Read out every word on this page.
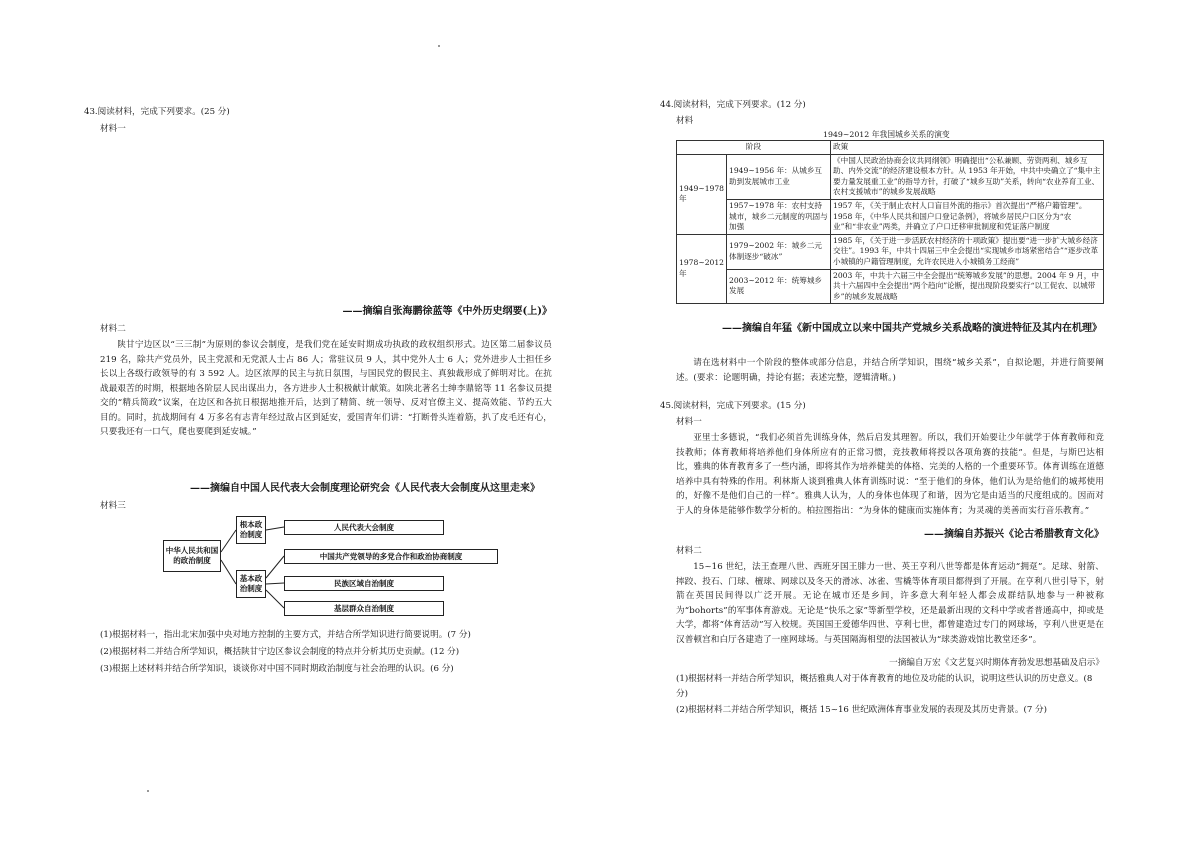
43.阅读材料，完成下列要求。(25 分)
材料一
——摘编自张海鹏徐蓝等《中外历史纲要(上)》
材料二
陕甘宁边区以“三三制”为原则的参议会制度，是我们党在延安时期成功执政的政权组织形式。边区第二届参议员 219 名，除共产党员外，民主党派和无党派人士占 86 人；常驻议员 9 人，其中党外人士 6 人；党外进步人士担任乡长以上各级行政领导的有 3 592 人。边区浓厚的民主与抗日氛围，与国民党的假民主、真独裁形成了鲜明对比。在抗战最艰苦的时期，根据地各阶层人民出谋出力，各方进步人士积极献计献策。如陕北著名士绅李鼎铭等 11 名参议员提交的“精兵简政”议案，在边区和各抗日根据地推开后，达到了精简、统一领导、反对官僚主义、提高效能、节约五大目的。同时，抗战期间有 4 万多名有志青年经过敌占区到延安，爱国青年们讲：“打断骨头连着筋，扒了皮毛还有心，只要我还有一口气，爬也要爬到延安城。”
——摘编自中国人民代表大会制度理论研究会《人民代表大会制度从这里走来》
材料三
中华人民共和国的政治制度
根本政治制度
基本政治制度
人民代表大会制度
中国共产党领导的多党合作和政治协商制度
民族区域自治制度
基层群众自治制度
(1)根据材料一，指出北宋加强中央对地方控制的主要方式，并结合所学知识进行简要说明。(7 分)
(2)根据材料二并结合所学知识，概括陕甘宁边区参议会制度的特点并分析其历史贡献。(12 分)
(3)根据上述材料并结合所学知识，谈谈你对中国不同时期政治制度与社会治理的认识。(6 分)
44.阅读材料，完成下列要求。(12 分)
材料
1949~2012 年我国城乡关系的演变
阶段		政策
1949~1978 年	1949~1956 年：从城乡互助到发展城市工业	《中国人民政治协商会议共同纲领》明确提出“公私兼顾、劳资两利、城乡互助、内外交流”的经济建设根本方针。从 1953 年开始，中共中央确立了“集中主要力量发展重工业”的指导方针，打破了“城乡互助”关系，转向“农业养育工业、农村支援城市”的城乡发展战略
	1957~1978 年：农村支持城市，城乡二元制度的巩固与加强	1957 年，《关于制止农村人口盲目外流的指示》首次提出“严格户籍管理”。1958 年，《中华人民共和国户口登记条例》，将城乡居民户口区分为“农业”和“非农业”两类，并确立了户口迁移审批制度和凭证落户制度
1978~2012 年	1979~2002 年：城乡二元体制逐步“破冰”	1985 年，《关于进一步活跃农村经济的十项政策》提出要“进一步扩大城乡经济交往”。1993 年，中共十四届三中全会提出“实现城乡市场紧密结合”“逐步改革小城镇的户籍管理制度，允许农民进入小城镇务工经商”
	2003~2012 年：统筹城乡发展	2003 年，中共十六届三中全会提出“统筹城乡发展”的思想。2004 年 9 月，中共十六届四中全会提出“两个趋向”论断，提出现阶段要实行“以工促农、以城带乡”的城乡发展战略
——摘编自年猛《新中国成立以来中国共产党城乡关系战略的演进特征及其内在机理》
请在选材料中一个阶段的整体或部分信息，并结合所学知识，围绕“城乡关系”，自拟论题，并进行简要阐述。(要求：论题明确，持论有据；表述完整，逻辑清晰。)
45.阅读材料，完成下列要求。(15 分)
材料一
亚里士多德说，“我们必须首先训练身体，然后启发其理智。所以，我们开始要让少年就学于体育教师和竞技教师；体育教师将培养他们身体所应有的正常习惯，竞技教师将授以各项角赛的技能”。但是，与斯巴达相比，雅典的体育教育多了一些内涵，即将其作为培养健美的体格、完美的人格的一个重要环节。体育训练在道德培养中具有特殊的作用。利林斯人谈到雅典人体育训练时说：“至于他们的身体，他们认为是给他们的城邦使用的，好像不是他们自己的一样”。雅典人认为，人的身体也体现了和谐，因为它是由适当的尺度组成的。因而对于人的身体是能够作数学分析的。柏拉图指出：“为身体的健康而实施体育；为灵魂的美善而实行音乐教育。”
——摘编自苏振兴《论古希腊教育文化》
材料二
15~16 世纪，法王查理八世、西班牙国王腓力一世、英王亨利八世等都是体育运动“拥趸”。足球、射箭、摔跤、投石、门球、檀球、网球以及冬天的滑冰、冰雀、雪橇等体育项目都得到了开展。在亨利八世引导下，射箭在英国民间得以广泛开展。无论在城市还是乡间，许多意大利年轻人都会成群结队地参与一种被称为“bohorts”的军事体育游戏。无论是“快乐之家”等新型学校，还是最新出现的文科中学或者普通高中，抑或是大学，都将“体育活动”写入校规。英国国王爱德华四世、亨利七世，都曾建造过专门的网球场，亨利八世更是在汉普顿宫和白厅各建造了一座网球场。与英国隔海相望的法国被认为“球类游戏馆比教堂还多”。
一摘编自万宏《文艺复兴时期体育勃发思想基础及启示》
(1)根据材料一并结合所学知识，概括雅典人对于体育教育的地位及功能的认识，说明这些认识的历史意义。(8 分)
(2)根据材料二并结合所学知识，概括 15~16 世纪欧洲体育事业发展的表现及其历史背景。(7 分)
